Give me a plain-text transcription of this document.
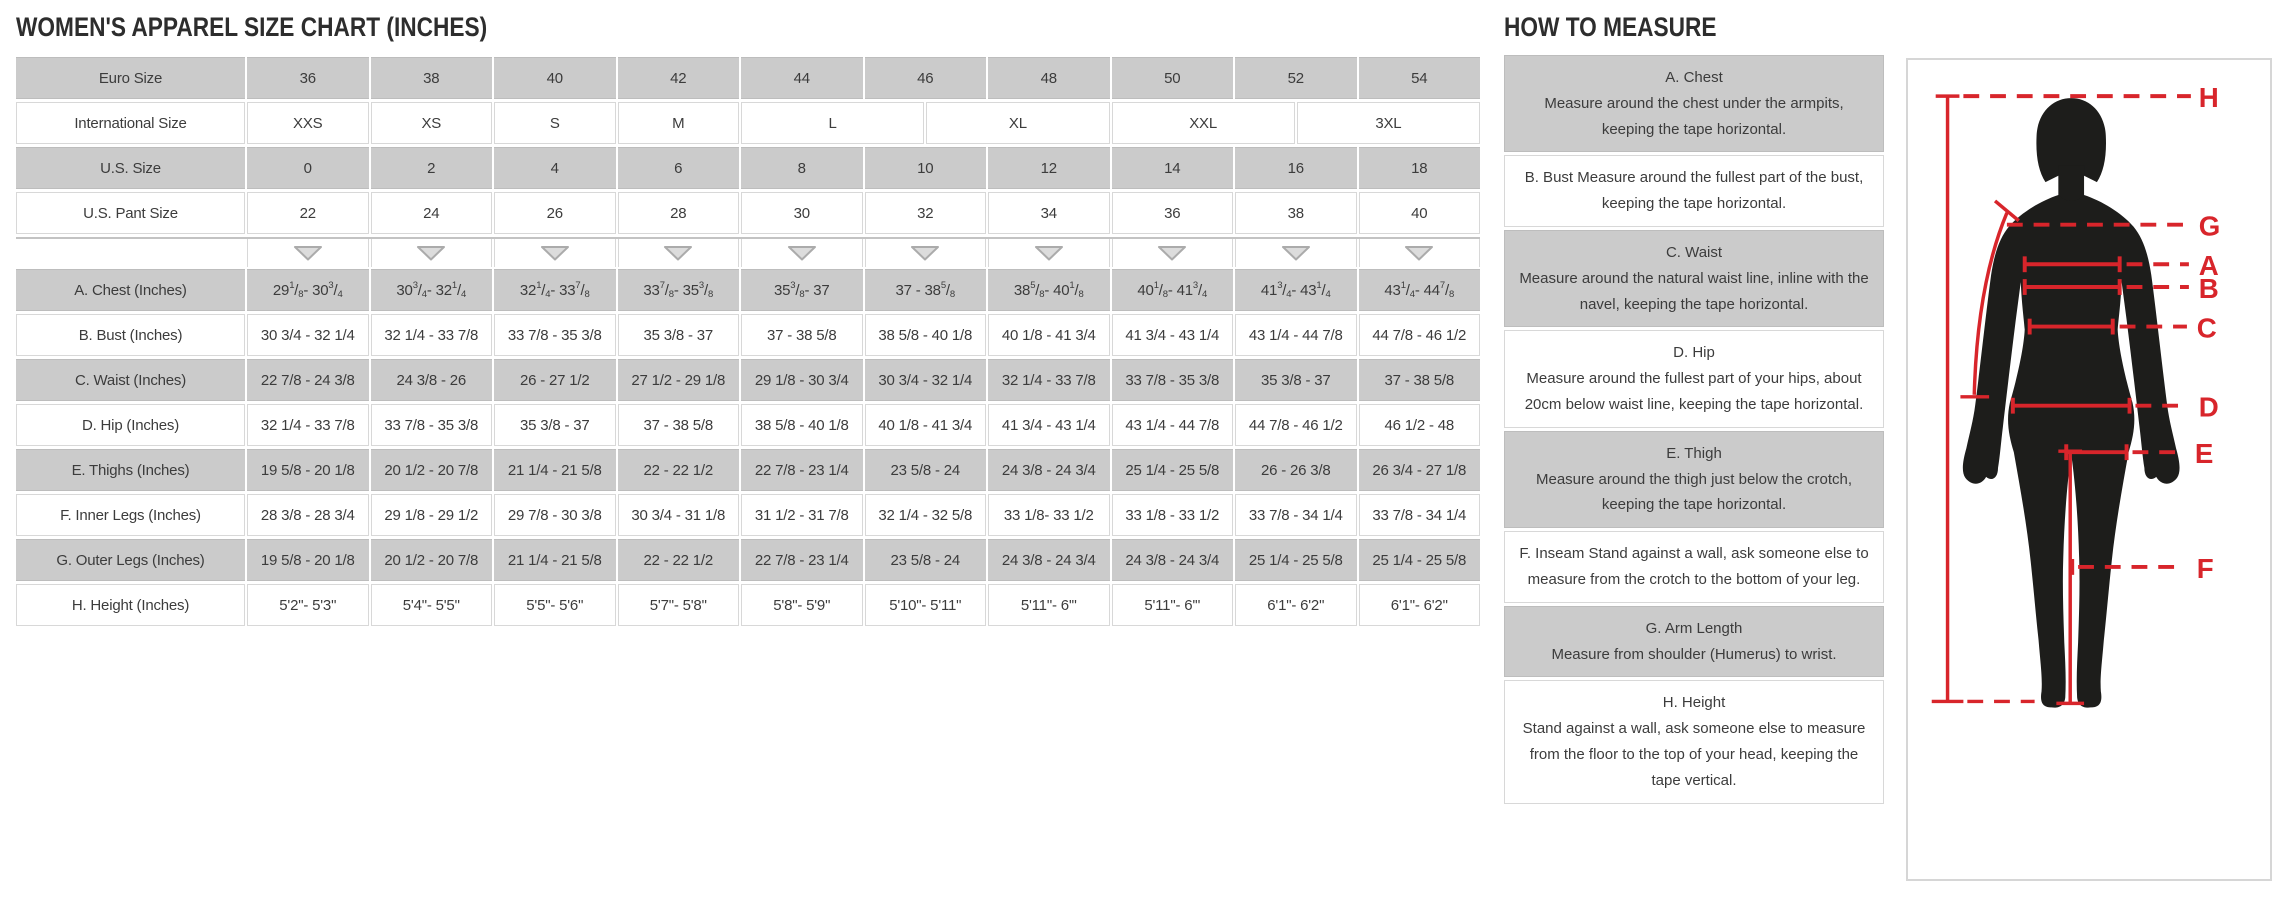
WOMEN'S APPAREL SIZE CHART (INCHES)
Euro Size	36	38	40	42	44	46	48	50	52	54
International Size	XXS	XS	S	M	L	XL	XXL	3XL
U.S. Size	0	2	4	6	8	10	12	14	16	18
U.S. Pant Size	22	24	26	28	30	32	34	36	38	40
A. Chest (Inches)	29 $^1$ $/_8 - 30$ $^3$ $/_4$	30 $^3$ $/_4 - 32$ $^1$ $/_4$	32 $^1$ $/_4 - 33$ $^7$ $/_8$	33 $^7$ $/_8 - 35$ $^3$ $/_8$	35 $^3$ $/_8 - 37$	37 - 38 $^5$ $/_8$	38 $^5$ $/_8 - 40$ $^1$ $/_8$	40 $^1$ $/_8 - 41$ $^3$ $/_4$	41 $^3$ $/_4 - 43$ $^1$ $/_4$	43 $^1$ $/_4 - 44$ $^7$ $/_8$
B. Bust (Inches)	30 3/4 - 32 1/4	32 1/4 - 33 7/8	33 7/8 - 35 3/8	35 3/8 - 37	37 - 38 5/8	38 5/8 - 40 1/8	40 1/8 - 41 3/4	41 3/4 - 43 1/4	43 1/4 - 44 7/8	44 7/8 - 46 1/2
C. Waist (Inches)	22 7/8 - 24 3/8	24 3/8 - 26	26 - 27 1/2	27 1/2 - 29 1/8	29 1/8 - 30 3/4	30 3/4 - 32 1/4	32 1/4 - 33 7/8	33 7/8 - 35 3/8	35 3/8 - 37	37 - 38 5/8
D. Hip (Inches)	32 1/4 - 33 7/8	33 7/8 - 35 3/8	35 3/8 - 37	37 - 38 5/8	38 5/8 - 40 1/8	40 1/8 - 41 3/4	41 3/4 - 43 1/4	43 1/4 - 44 7/8	44 7/8 - 46 1/2	46 1/2 - 48
E. Thighs (Inches)	19 5/8 - 20 1/8	20 1/2 - 20 7/8	21 1/4 - 21 5/8	22 - 22 1/2	22 7/8 - 23 1/4	23 5/8 - 24	24 3/8 - 24 3/4	25 1/4 - 25 5/8	26 - 26 3/8	26 3/4 - 27 1/8
F. Inner Legs (Inches)	28 3/8 - 28 3/4	29 1/8 - 29 1/2	29 7/8 - 30 3/8	30 3/4 - 31 1/8	31 1/2 - 31 7/8	32 1/4 - 32 5/8	33 1/8- 33 1/2	33 1/8 - 33 1/2	33 7/8 - 34 1/4	33 7/8 - 34 1/4
G. Outer Legs (Inches)	19 5/8 - 20 1/8	20 1/2 - 20 7/8	21 1/4 - 21 5/8	22 - 22 1/2	22 7/8 - 23 1/4	23 5/8 - 24	24 3/8 - 24 3/4	24 3/8 - 24 3/4	25 1/4 - 25 5/8	25 1/4 - 25 5/8
H. Height (Inches)	5'2"- 5'3"	5'4"- 5'5"	5'5"- 5'6"	5'7"- 5'8"	5'8"- 5'9"	5'10"- 5'11"	5'11"- 6'"	5'11"- 6'"	6'1"- 6'2"	6'1"- 6'2"
HOW TO MEASURE
A. Chest
Measure around the chest under the armpits, keeping the tape horizontal.
B. Bust Measure around the fullest part of the bust, keeping the tape horizontal.
C. Waist
Measure around the natural waist line, inline with the navel, keeping the tape horizontal.
D. Hip
Measure around the fullest part of your hips, about 20cm below waist line, keeping the tape horizontal.
E. Thigh
Measure around the thigh just below the crotch, keeping the tape horizontal.
F. Inseam Stand against a wall, ask someone else to measure from the crotch to the bottom of your leg.
G. Arm Length
Measure from shoulder (Humerus) to wrist.
H. Height
Stand against a wall, ask someone else to measure from the floor to the top of your head, keeping the tape vertical.
H
G
A
B
C
D
E
F
